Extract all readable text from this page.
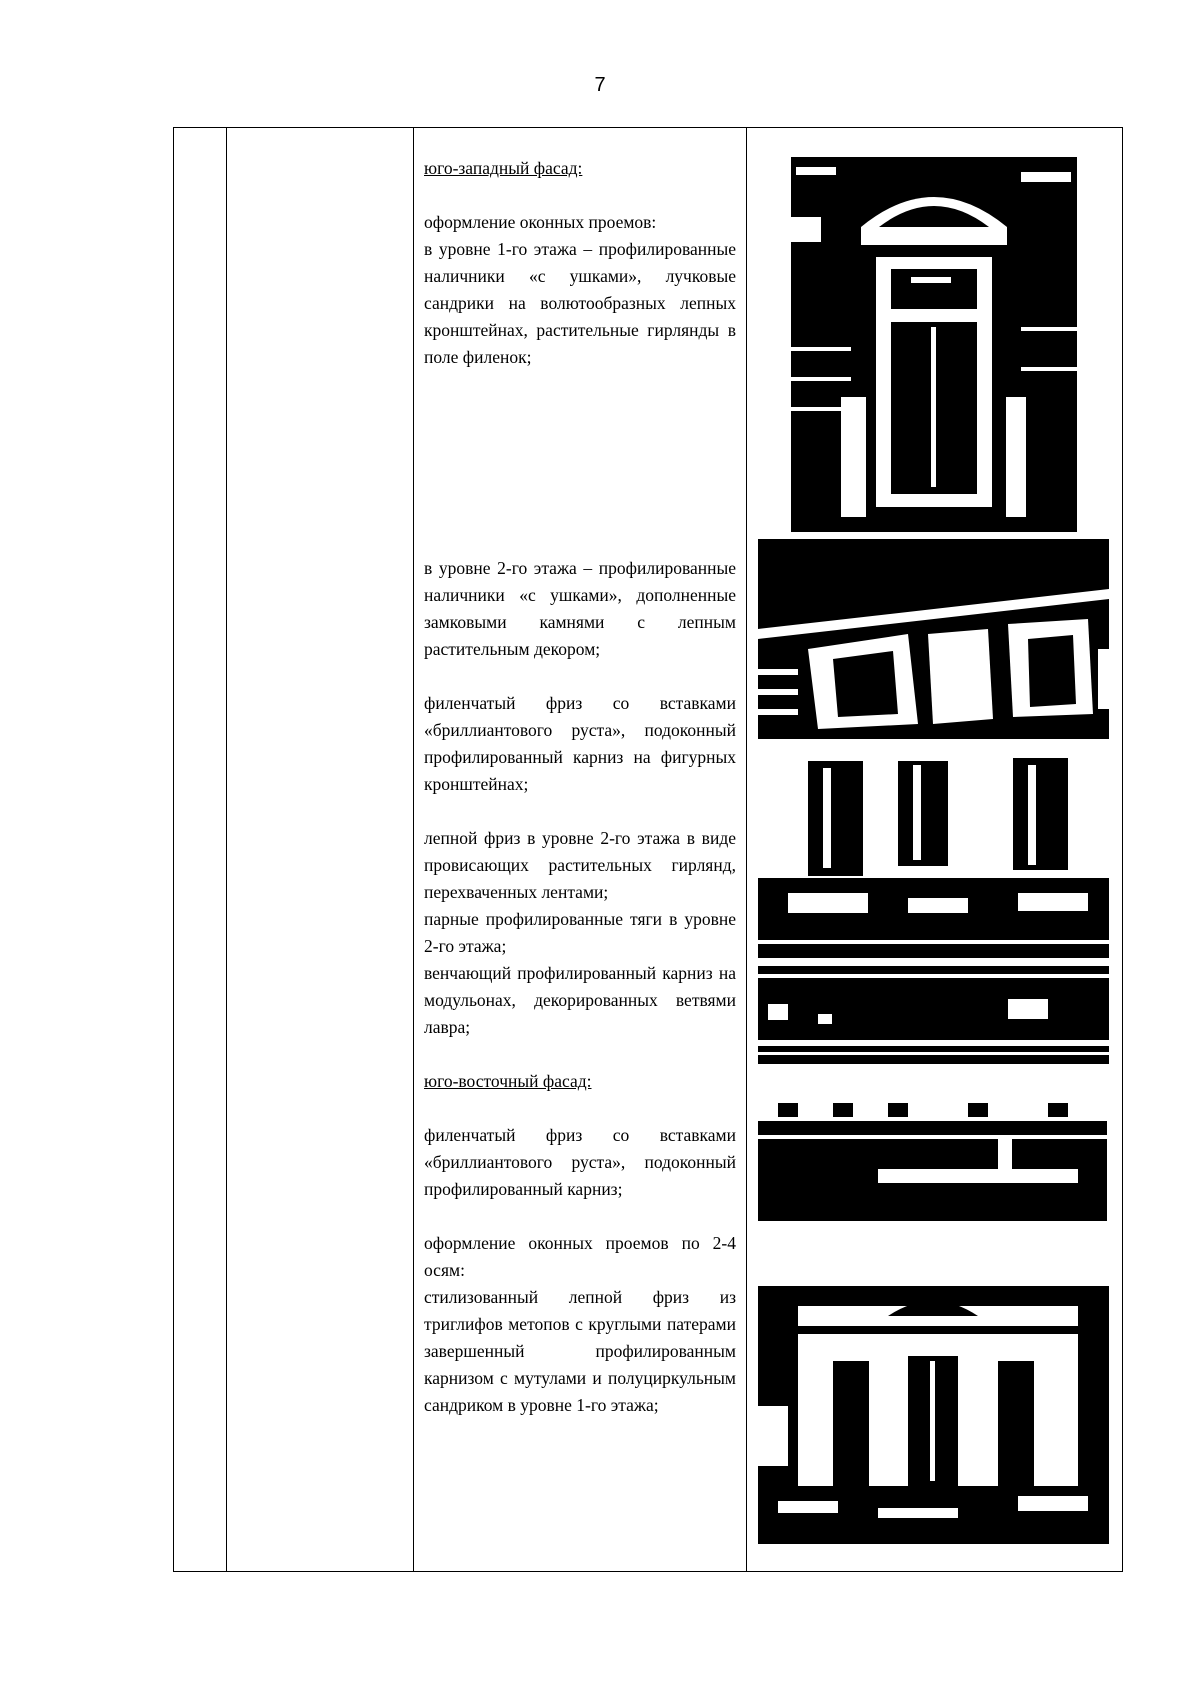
7

юго-западный фасад:

оформление оконных проемов:

в уровне 1-го этажа – профилированные наличники «с ушками», лучковые сандрики на волютообразных лепных кронштейнах, растительные гирлянды в поле филенок;

в уровне 2-го этажа – профилированные наличники «с ушками», дополненные замковыми камнями с лепным растительным декором;

филенчатый фриз со вставками «бриллиантового руста», подоконный профилированный карниз на фигурных кронштейнах;

лепной фриз в уровне 2-го этажа в виде провисающих растительных гирлянд, перехваченных лентами;

парные профилированные тяги в уровне 2-го этажа;

венчающий профилированный карниз на модульонах, декорированных ветвями лавра;

юго-восточный фасад:

филенчатый фриз со вставками «бриллиантового руста», подоконный профилированный карниз;

оформление оконных проемов по 2-4 осям:

стилизованный лепной фриз из триглифов метопов с круглыми патерами завершенный профилированным карнизом с мутулами и полуциркульным сандриком в уровне 1-го этажа;
